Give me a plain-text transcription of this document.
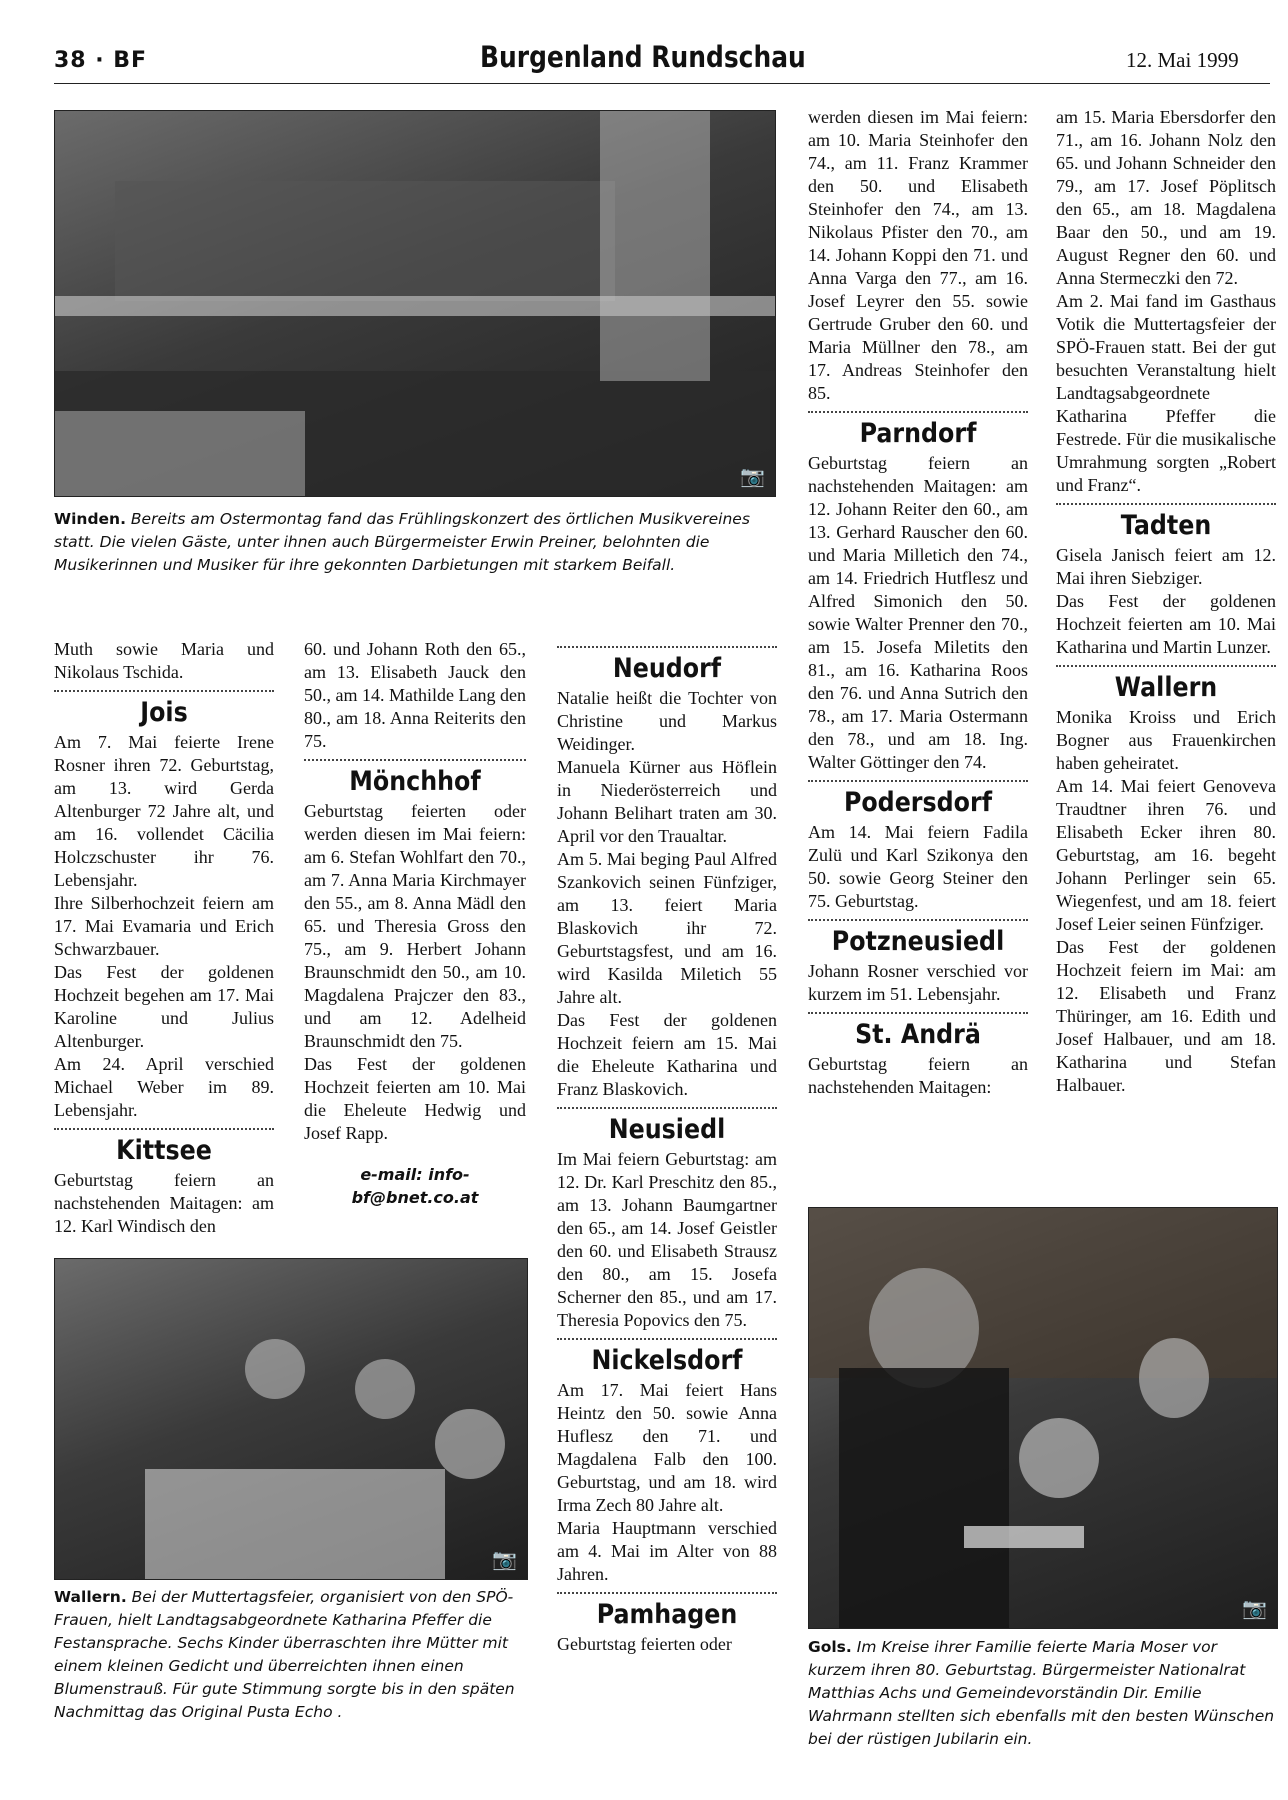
38 · BF	Burgenland Rundschau	12. Mai 1999
📷
Winden. Bereits am Ostermontag fand das Frühlingskonzert des örtlichen Musikvereines statt. Die vielen Gäste, unter ihnen auch Bürgermeister Erwin Preiner, belohnten die Musikerinnen und Musiker für ihre gekonnten Darbietungen mit starkem Beifall.

Muth sowie Maria und Nikolaus Tschida.

Jois

Am 7. Mai feierte Irene Rosner ihren 72. Geburtstag, am 13. wird Gerda Altenburger 72 Jahre alt, und am 16. vollendet Cäcilia Holczschuster ihr 76. Lebensjahr.

Ihre Silberhochzeit feiern am 17. Mai Evamaria und Erich Schwarzbauer.

Das Fest der goldenen Hochzeit begehen am 17. Mai Karoline und Julius Altenburger.

Am 24. April verschied Michael Weber im 89. Lebensjahr.

Kittsee

Geburtstag feiern an nachstehenden Maitagen: am 12. Karl Windisch den

60. und Johann Roth den 65., am 13. Elisabeth Jauck den 50., am 14. Mathilde Lang den 80., am 18. Anna Reiterits den 75.

Mönchhof

Geburtstag feierten oder werden diesen im Mai feiern: am 6. Stefan Wohlfart den 70., am 7. Anna Maria Kirchmayer den 55., am 8. Anna Mädl den 65. und Theresia Gross den 75., am 9. Herbert Johann Braunschmidt den 50., am 10. Magdalena Prajczer den 83., und am 12. Adelheid Braunschmidt den 75.

Das Fest der goldenen Hochzeit feierten am 10. Mai die Eheleute Hedwig und Josef Rapp.

e-mail: info-bf@bnet.co.at
📷
Wallern. Bei der Muttertagsfeier, organisiert von den SPÖ-Frauen, hielt Landtagsabgeordnete Katharina Pfeffer die Festansprache. Sechs Kinder überraschten ihre Mütter mit einem kleinen Gedicht und überreichten ihnen einen Blumenstrauß. Für gute Stimmung sorgte bis in den späten Nachmittag das Original Pusta Echo .
Neudorf

Natalie heißt die Tochter von Christine und Markus Weidinger.

Manuela Kürner aus Höflein in Niederösterreich und Johann Belihart traten am 30. April vor den Traualtar.

Am 5. Mai beging Paul Alfred Szankovich seinen Fünfziger, am 13. feiert Maria Blaskovich ihr 72. Geburtstagsfest, und am 16. wird Kasilda Miletich 55 Jahre alt.

Das Fest der goldenen Hochzeit feiern am 15. Mai die Eheleute Katharina und Franz Blaskovich.

Neusiedl

Im Mai feiern Geburtstag: am 12. Dr. Karl Preschitz den 85., am 13. Johann Baumgartner den 65., am 14. Josef Geistler den 60. und Elisabeth Strausz den 80., am 15. Josefa Scherner den 85., und am 17. Theresia Popovics den 75.

Nickelsdorf

Am 17. Mai feiert Hans Heintz den 50. sowie Anna Huflesz den 71. und Magdalena Falb den 100. Geburtstag, und am 18. wird Irma Zech 80 Jahre alt.

Maria Hauptmann verschied am 4. Mai im Alter von 88 Jahren.

Pamhagen

Geburtstag feierten oder

werden diesen im Mai feiern: am 10. Maria Steinhofer den 74., am 11. Franz Krammer den 50. und Elisabeth Steinhofer den 74., am 13. Nikolaus Pfister den 70., am 14. Johann Koppi den 71. und Anna Varga den 77., am 16. Josef Leyrer den 55. sowie Gertrude Gruber den 60. und Maria Müllner den 78., am 17. Andreas Steinhofer den 85.

Parndorf

Geburtstag feiern an nachstehenden Maitagen: am 12. Johann Reiter den 60., am 13. Gerhard Rauscher den 60. und Maria Milletich den 74., am 14. Friedrich Hutflesz und Alfred Simonich den 50. sowie Walter Prenner den 70., am 15. Josefa Miletits den 81., am 16. Katharina Roos den 76. und Anna Sutrich den 78., am 17. Maria Ostermann den 78., und am 18. Ing. Walter Göttinger den 74.

Podersdorf

Am 14. Mai feiern Fadila Zulü und Karl Szikonya den 50. sowie Georg Steiner den 75. Geburtstag.

Potzneusiedl

Johann Rosner verschied vor kurzem im 51. Lebensjahr.

St. Andrä

Geburtstag feiern an nachstehenden Maitagen:

am 15. Maria Ebersdorfer den 71., am 16. Johann Nolz den 65. und Johann Schneider den 79., am 17. Josef Pöplitsch den 65., am 18. Magdalena Baar den 50., und am 19. August Regner den 60. und Anna Stermeczki den 72.

Am 2. Mai fand im Gasthaus Votik die Muttertagsfeier der SPÖ-Frauen statt. Bei der gut besuchten Veranstaltung hielt Landtagsabgeordnete Katharina Pfeffer die Festrede. Für die musikalische Umrahmung sorgten „Robert und Franz“.

Tadten

Gisela Janisch feiert am 12. Mai ihren Siebziger.

Das Fest der goldenen Hochzeit feierten am 10. Mai Katharina und Martin Lunzer.

Wallern

Monika Kroiss und Erich Bogner aus Frauenkirchen haben geheiratet.

Am 14. Mai feiert Genoveva Traudtner ihren 76. und Elisabeth Ecker ihren 80. Geburtstag, am 16. begeht Johann Perlinger sein 65. Wiegenfest, und am 18. feiert Josef Leier seinen Fünfziger.

Das Fest der goldenen Hochzeit feiern im Mai: am 12. Elisabeth und Franz Thüringer, am 16. Edith und Josef Halbauer, und am 18. Katharina und Stefan Halbauer.

📷
Gols. Im Kreise ihrer Familie feierte Maria Moser vor kurzem ihren 80. Geburtstag. Bürgermeister Nationalrat Matthias Achs und Gemeindevorständin Dir. Emilie Wahrmann stellten sich ebenfalls mit den besten Wünschen bei der rüstigen Jubilarin ein.
